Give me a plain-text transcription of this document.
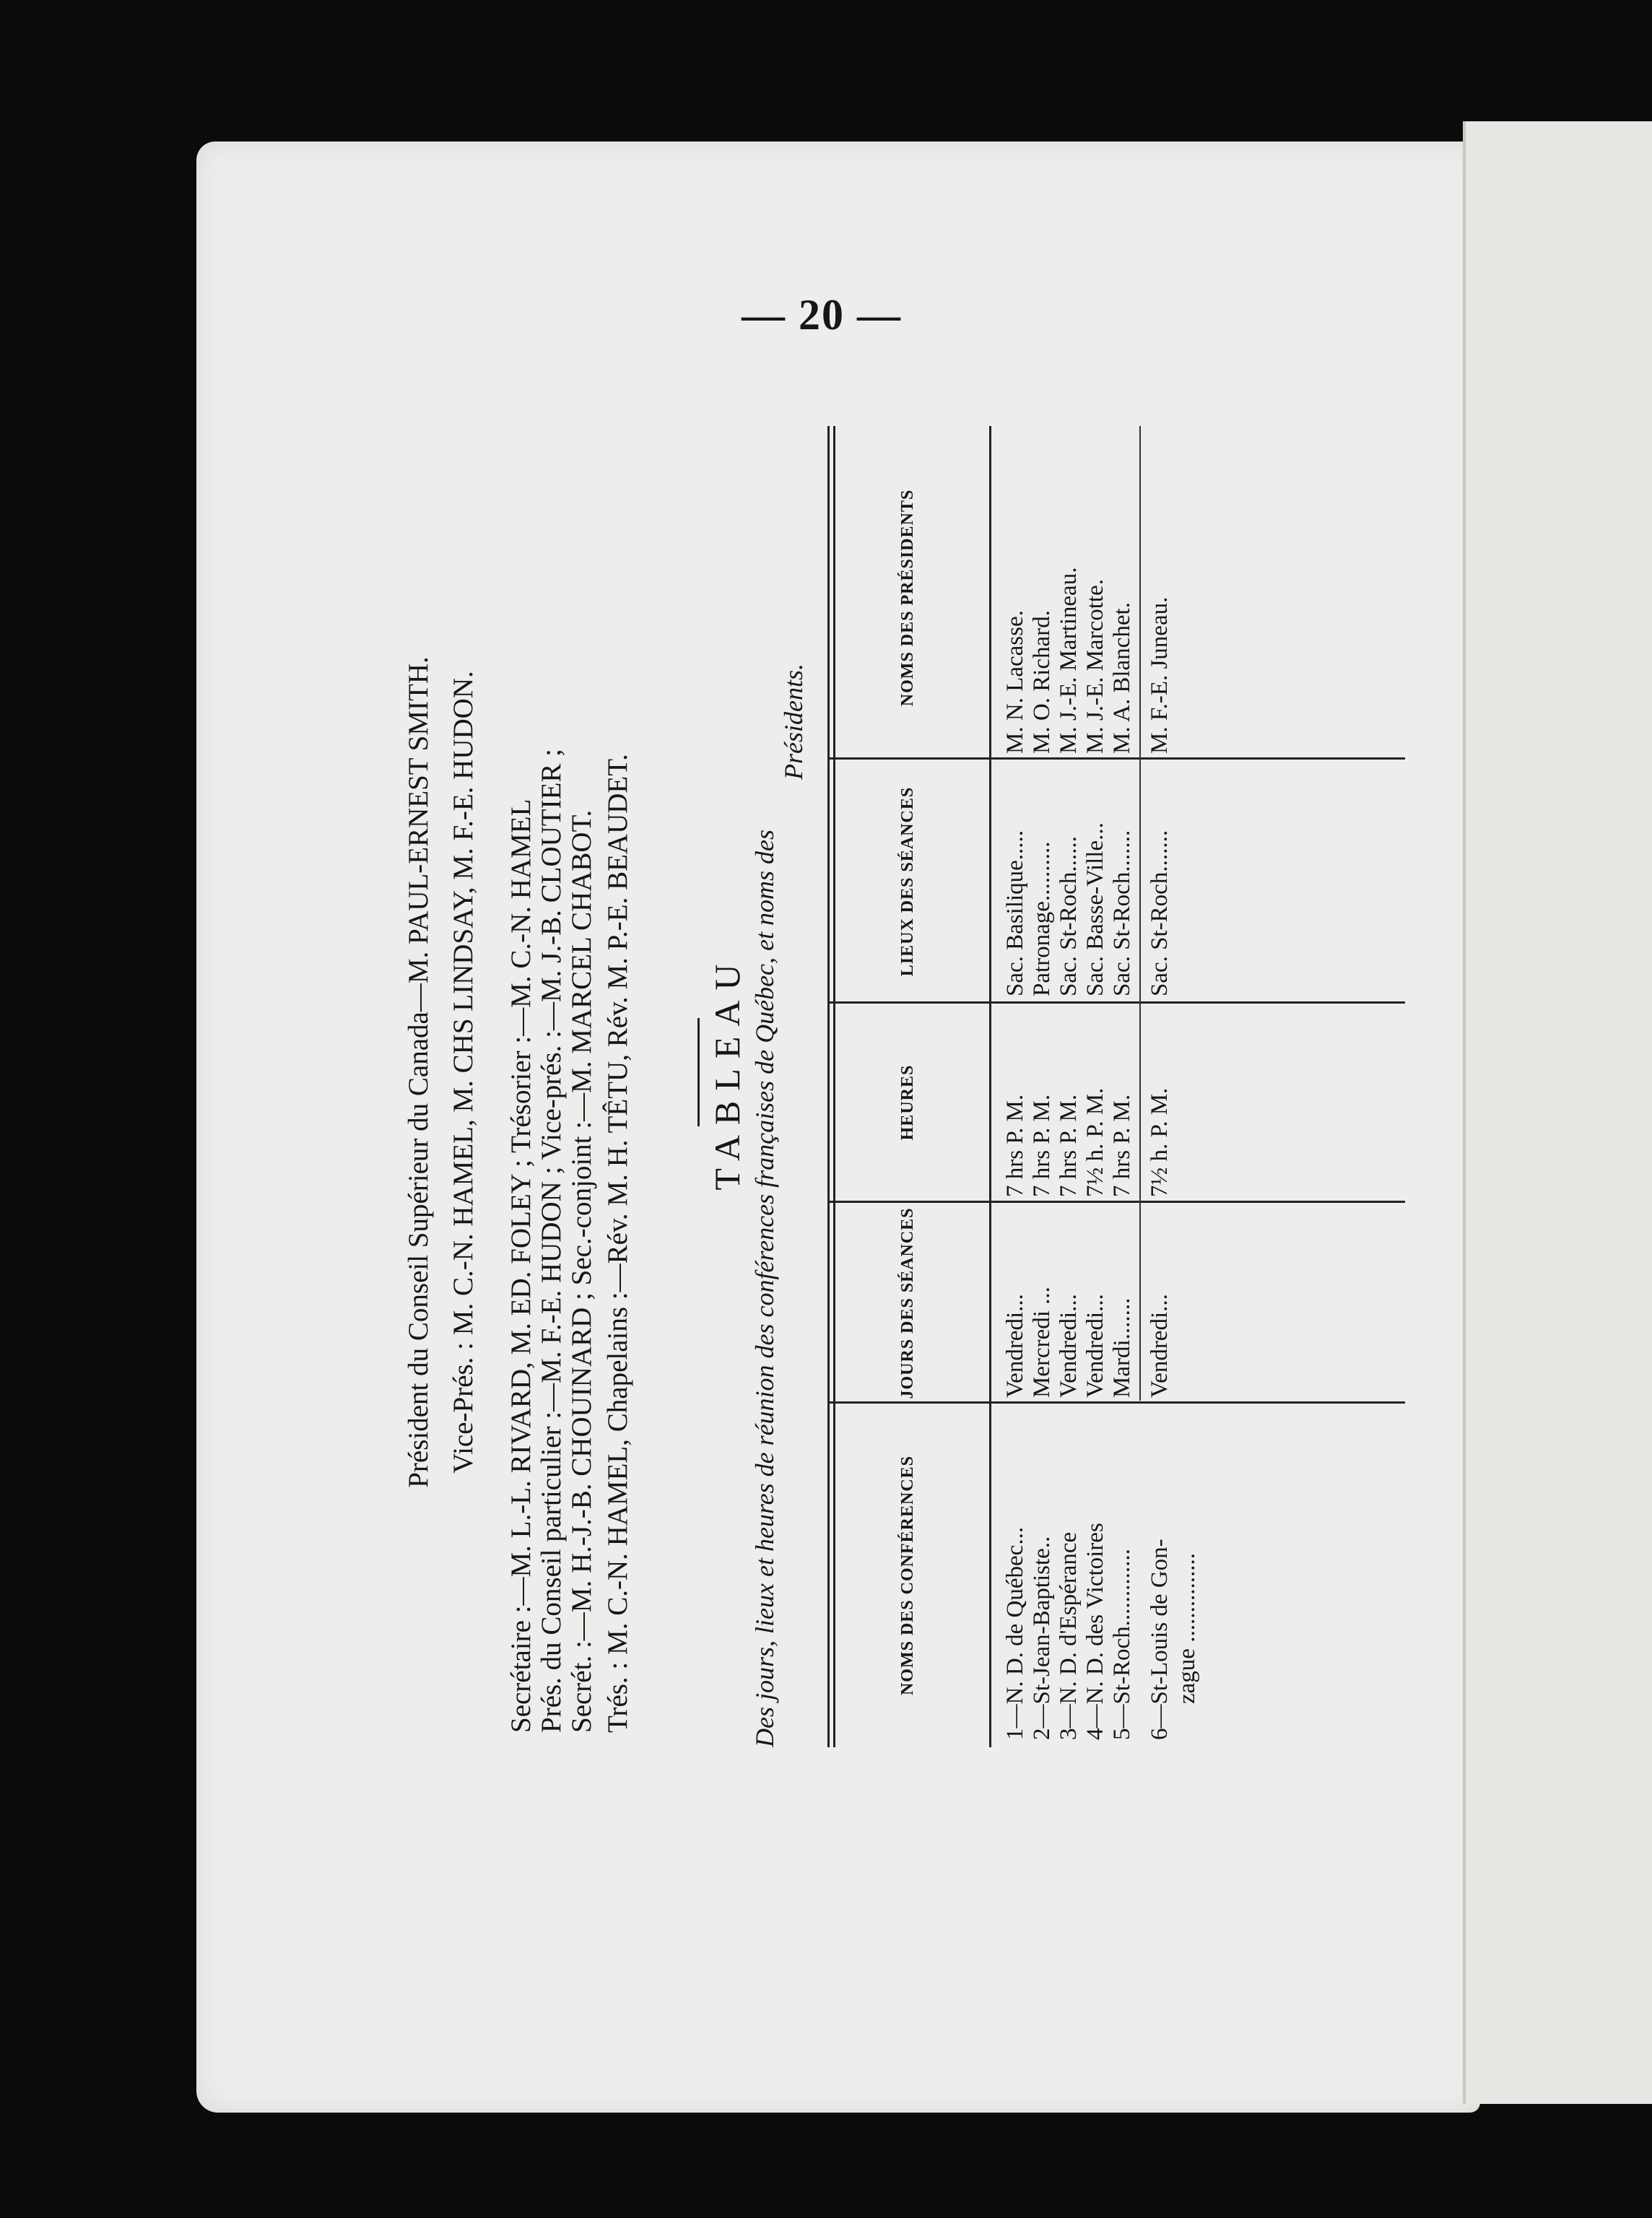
— 20 —
Président du Conseil Supérieur du Canada—M. PAUL-ERNEST SMITH. Vice-Prés. : M. C.-N. HAMEL, M. CHS LINDSAY, M. F.-E. HUDON. Secrétaire :—M. L.-L. RIVARD, M. ED. FOLEY ; Trésorier :—M. C.-N. HAMEL Prés. du Conseil particulier :—M. F.-E. HUDON ; Vice-prés. :—M. J.-B. CLOUTIER ; Secrét. :—M. H.-J.-B. CHOUINARD ; Sec.-conjoint :—M. MARCEL CHABOT. Trés. : M. C.-N. HAMEL, Chapelains :—Rév. M. H. TÊTU, Rév. M. P.-E. BEAUDET. TABLEAU Des jours, lieux et heures de réunion des conférences françaises de Québec, et noms des
Présidents.
NOMS DES CONFÉRENCES
JOURS DES SÉANCES
HEURES
LIEUX DES SÉANCES
NOMS DES PRÉSIDENTS
1—N. D. de Québec...
Vendredi...
7 hrs P. M.
Sac. Basilique.....
M. N. Lacasse.
2—St-Jean-Baptiste..
Mercredi ...
7 hrs P. M.
Patronage..........
M. O. Richard.
3—N. D. d'Espérance
Vendredi...
7 hrs P. M.
Sac. St-Roch......
M. J.-E. Martineau.
4—N. D. des Victoires
Vendredi...
7½ h. P. M.
Sac. Basse-Ville...
M. J.-E. Marcotte.
5—St-Roch.............
Mardi.......
7 hrs P. M.
Sac. St-Roch.......
M. A. Blanchet.
6—St-Louis de Gon-
Vendredi...
7½ h. P. M.
Sac. St-Roch.......
M. F.-E. Juneau.
zague ...............
